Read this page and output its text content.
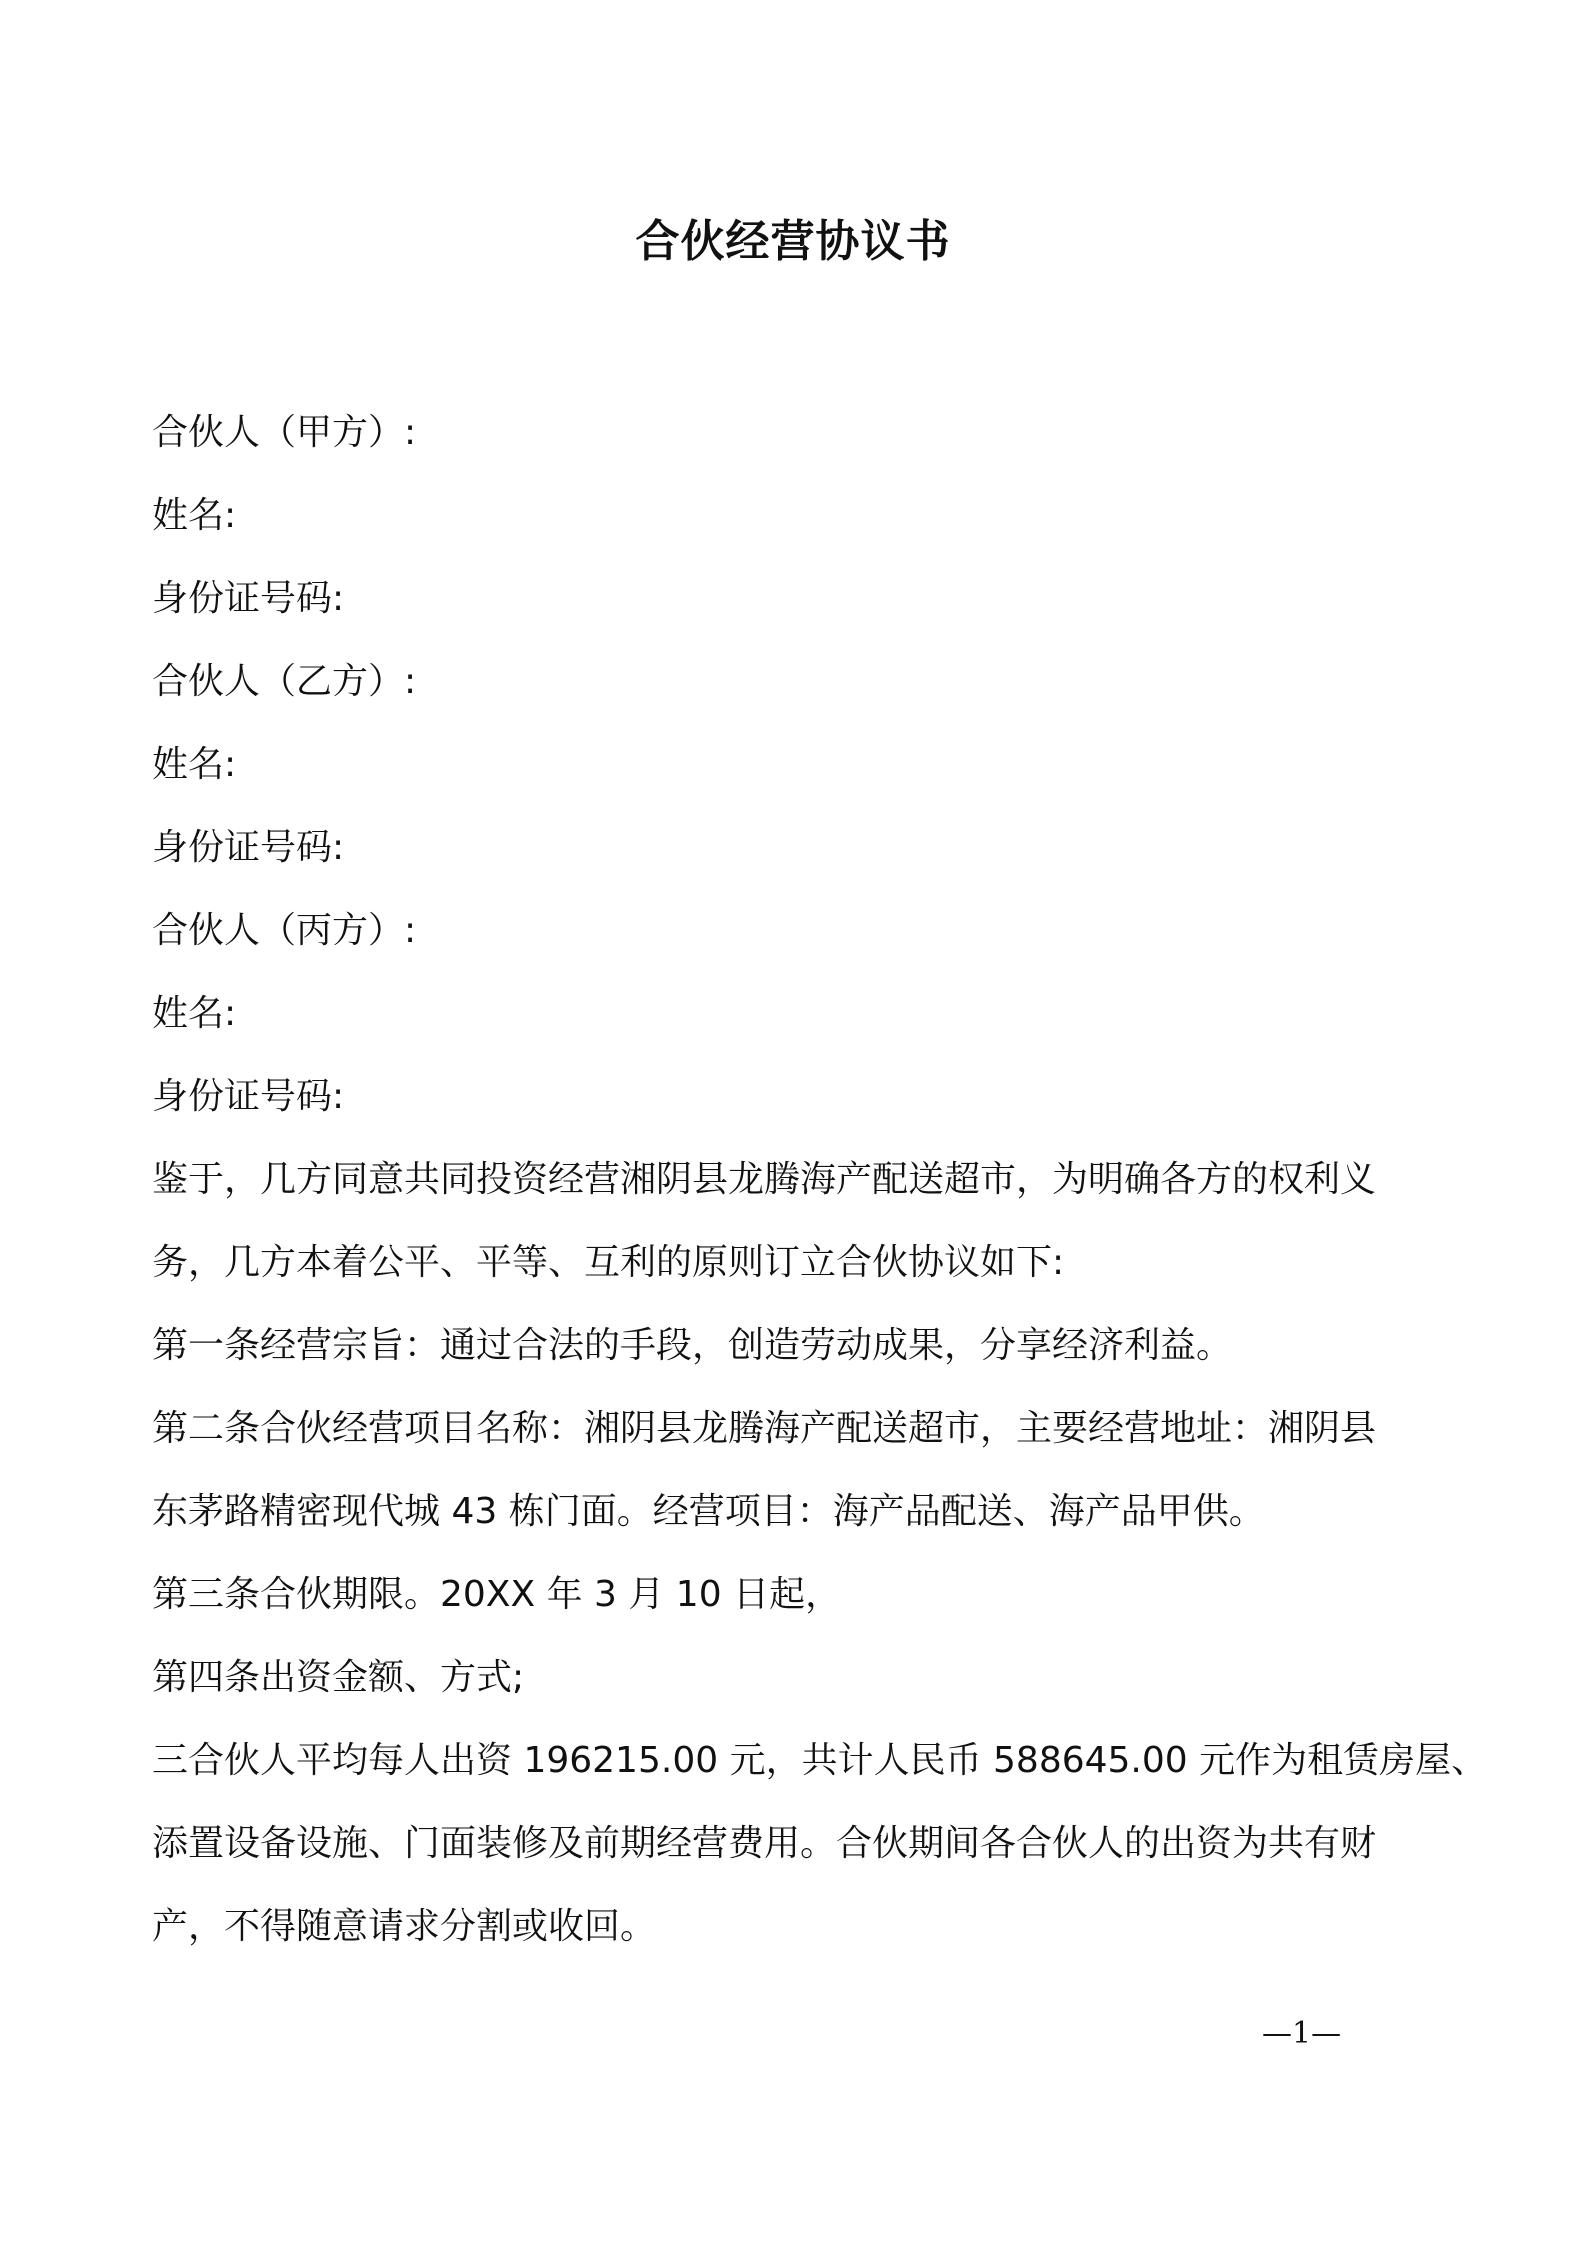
合伙经营协议书
合伙人（甲方）:
姓名:
身份证号码:
合伙人（乙方）:
姓名:
身份证号码:
合伙人（丙方）:
姓名:
身份证号码:
鉴于，几方同意共同投资经营湘阴县龙腾海产配送超市，为明确各方的权利义
务，几方本着公平、平等、互利的原则订立合伙协议如下:
第一条经营宗旨：通过合法的手段，创造劳动成果，分享经济利益。
第二条合伙经营项目名称：湘阴县龙腾海产配送超市，主要经营地址：湘阴县
东茅路精密现代城 43 栋门面。经营项目：海产品配送、海产品甲供。
第三条合伙期限。20XX 年 3 月 10 日起，
第四条出资金额、方式;
三合伙人平均每人出资 196215.00 元，共计人民币 588645.00 元作为租赁房屋、
添置设备设施、门面装修及前期经营费用。合伙期间各合伙人的出资为共有财
产，不得随意请求分割或收回。
—1—
